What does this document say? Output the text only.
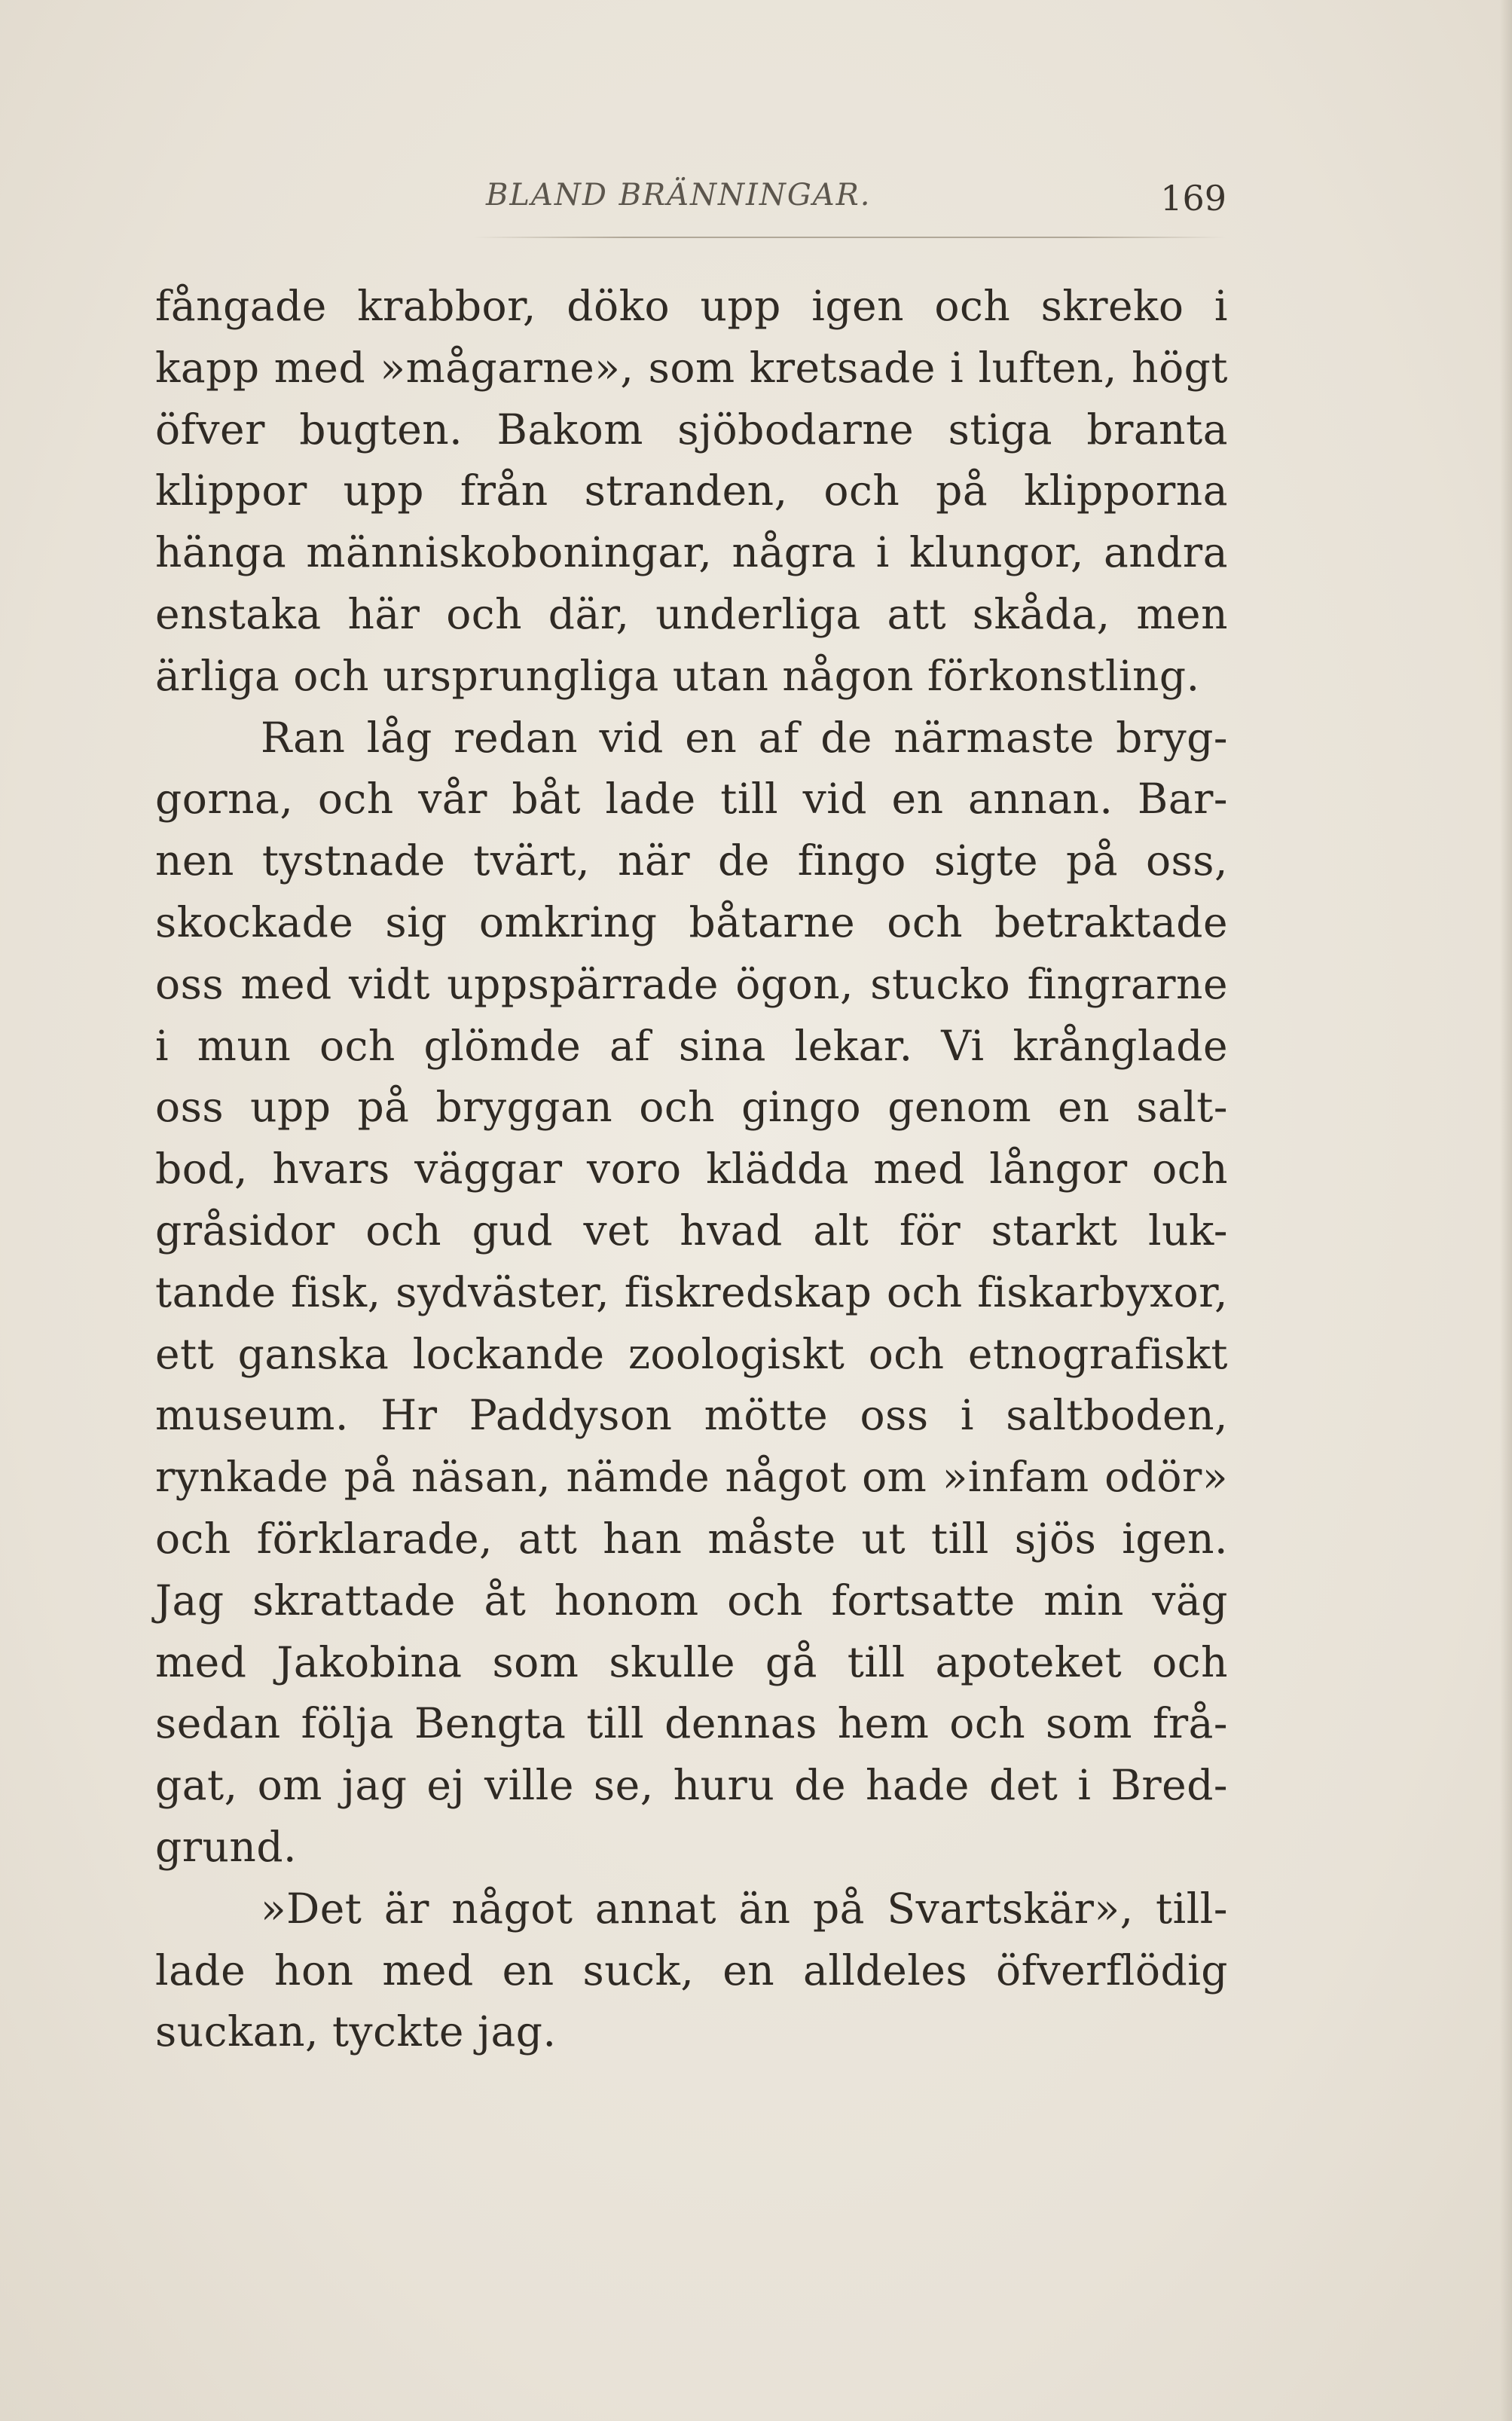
BLAND BRÄNNINGAR.	169
fångade krabbor, döko upp igen och skreko i
kapp med »mågarne», som kretsade i luften, högt
öfver bugten. Bakom sjöbodarne stiga branta
klippor upp från stranden, och på klipporna
hänga människoboningar, några i klungor, andra
enstaka här och där, underliga att skåda, men
ärliga och ursprungliga utan någon förkonstling.
Ran låg redan vid en af de närmaste bryg-
gorna, och vår båt lade till vid en annan. Bar-
nen tystnade tvärt, när de fingo sigte på oss,
skockade sig omkring båtarne och betraktade
oss med vidt uppspärrade ögon, stucko fingrarne
i mun och glömde af sina lekar. Vi krånglade
oss upp på bryggan och gingo genom en salt-
bod, hvars väggar voro klädda med långor och
gråsidor och gud vet hvad alt för starkt luk-
tande fisk, sydväster, fiskredskap och fiskarbyxor,
ett ganska lockande zoologiskt och etnografiskt
museum. Hr Paddyson mötte oss i saltboden,
rynkade på näsan, nämde något om »infam odör»
och förklarade, att han måste ut till sjös igen.
Jag skrattade åt honom och fortsatte min väg
med Jakobina som skulle gå till apoteket och
sedan följa Bengta till dennas hem och som frå-
gat, om jag ej ville se, huru de hade det i Bred-
grund.
»Det är något annat än på Svartskär», till-
lade hon med en suck, en alldeles öfverflödig
suckan, tyckte jag.
